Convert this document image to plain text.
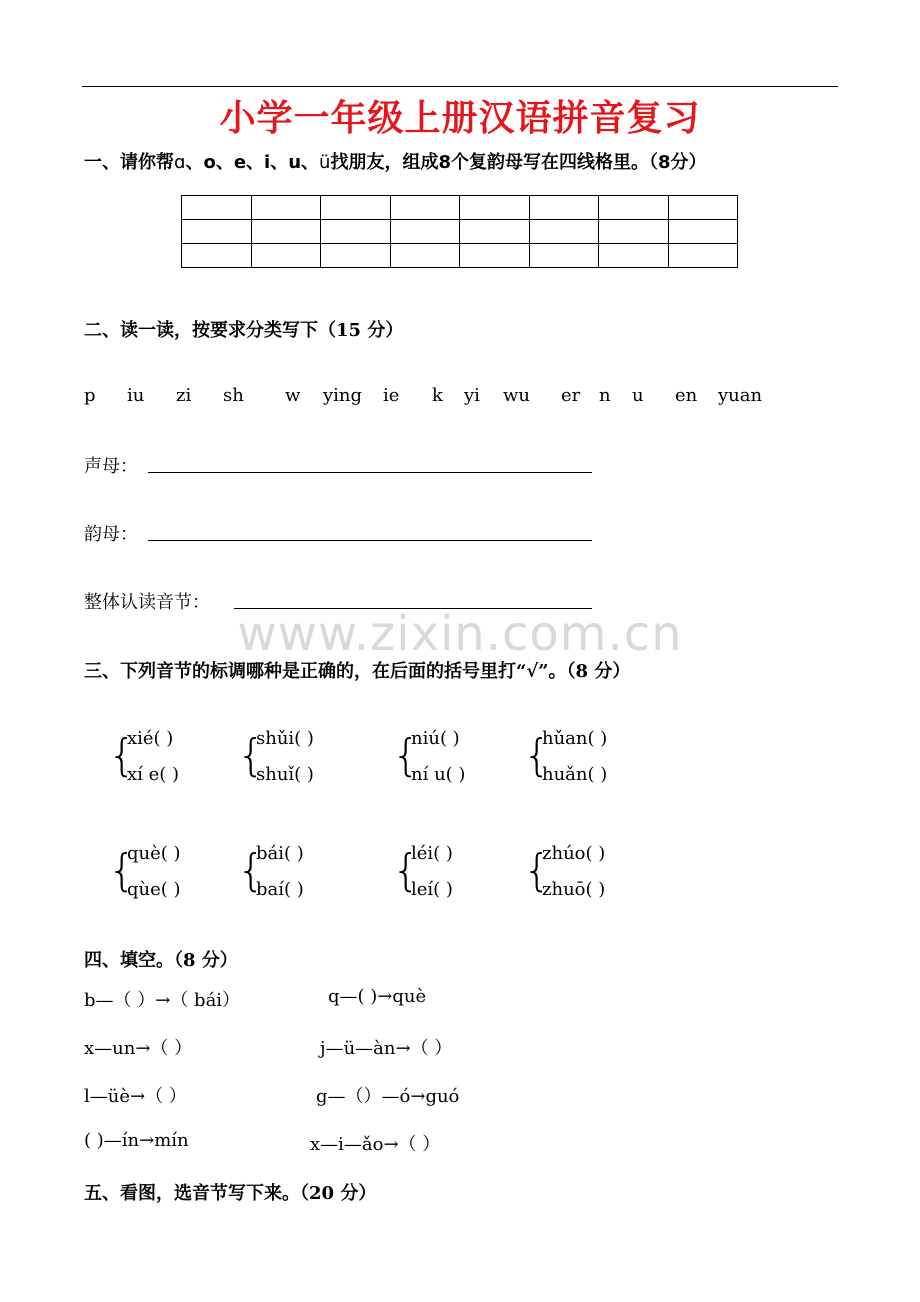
小学一年级上册汉语拼音复习
一、请你帮ɑ、o、e、i、u、ü找朋友，组成8个复韵母写在四线格里。（8分）

二、读一读，按要求分类写下（15 分）
p iu zi sh w ying ie k yi wu er n u en yuan
声母：
韵母：
整体认读音节：
www.zixin.com.cn
三、下列音节的标调哪种是正确的，在后面的括号里打“√”。（8 分）
{
xié( )
xí e( ) {
shǔi( )
shuǐ( ) {
niú( )
ní u( ) {
hǔan( )
huǎn( )
{
què( )
qùe( ) {
bái( )
baí( ) {
léi( )
leí( ) {
zhúo( )
zhuō( )
四、填空。（8 分）
b—（ ）→（ bái）	q—( )→què
x—un→（ ）	j—ü—àn→（ ）
l—üè→（ ）	g—（）—ó→guó
( )—ín→mín	x—i—ǎo→（ ）
五、看图，选音节写下来。（20 分）
